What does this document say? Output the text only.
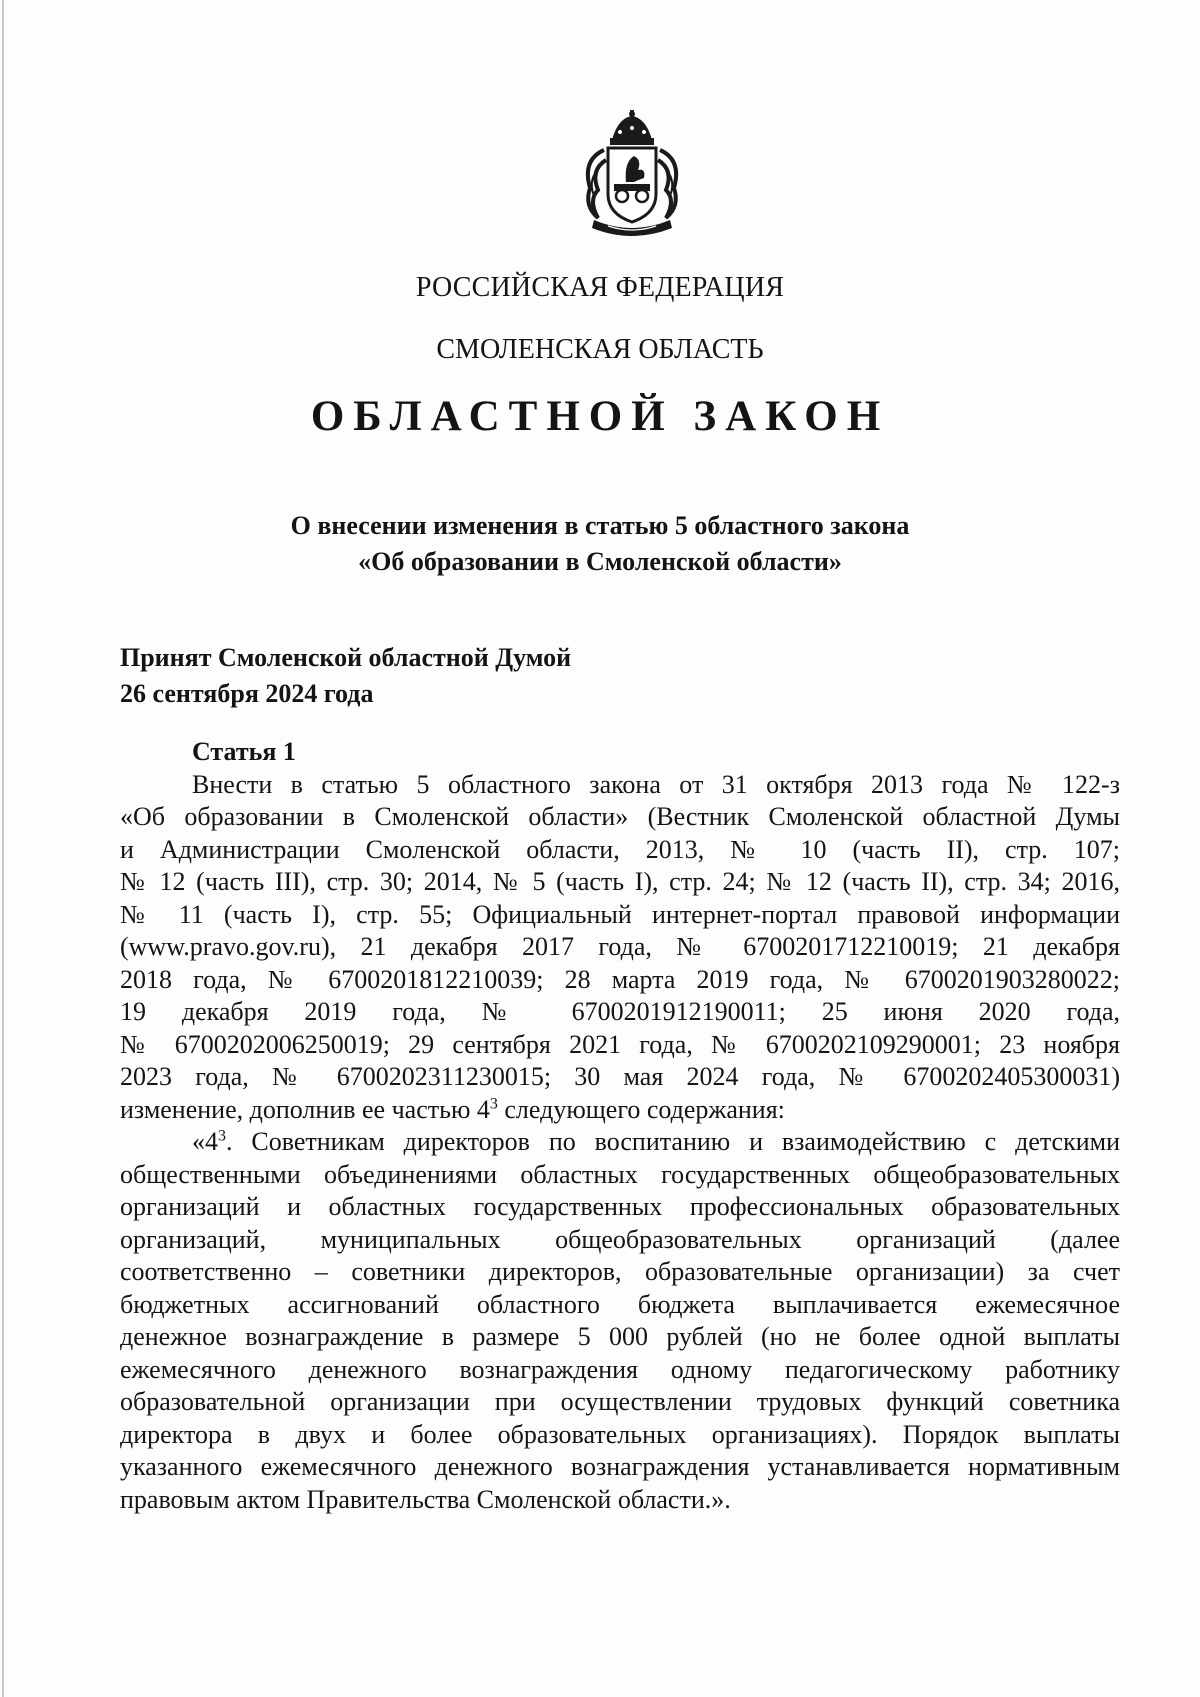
РОССИЙСКАЯ ФЕДЕРАЦИЯ
СМОЛЕНСКАЯ ОБЛАСТЬ
ОБЛАСТНОЙ ЗАКОН
О внесении изменения в статью 5 областного закона
«Об образовании в Смоленской области»
Принят Смоленской областной Думой
26 сентября 2024 года

Статья 1

Внести в статью 5 областного закона от 31 октября 2013 года № 122-з
«Об образовании в Смоленской области» (Вестник Смоленской областной Думы
и Администрации Смоленской области, 2013, № 10 (часть II), стр. 107;
№ 12 (часть III), стр. 30; 2014, № 5 (часть I), стр. 24; № 12 (часть II), стр. 34; 2016,
№ 11 (часть I), стр. 55; Официальный интернет-портал правовой информации
(www.pravo.gov.ru), 21 декабря 2017 года, № 6700201712210019; 21 декабря
2018 года, № 6700201812210039; 28 марта 2019 года, № 6700201903280022;
19 декабря 2019 года, № 6700201912190011; 25 июня 2020 года,
№ 6700202006250019; 29 сентября 2021 года, № 6700202109290001; 23 ноября
2023 года, № 6700202311230015; 30 мая 2024 года, № 6700202405300031)
изменение, дополнив ее частью $4^3$ следующего содержания:

«$4^3$. Советникам директоров по воспитанию и взаимодействию с детскими
общественными объединениями областных государственных общеобразовательных
организаций и областных государственных профессиональных образовательных
организаций, муниципальных общеобразовательных организаций (далее
соответственно – советники директоров, образовательные организации) за счет
бюджетных ассигнований областного бюджета выплачивается ежемесячное
денежное вознаграждение в размере 5 000 рублей (но не более одной выплаты
ежемесячного денежного вознаграждения одному педагогическому работнику
образовательной организации при осуществлении трудовых функций советника
директора в двух и более образовательных организациях). Порядок выплаты
указанного ежемесячного денежного вознаграждения устанавливается нормативным
правовым актом Правительства Смоленской области.».
